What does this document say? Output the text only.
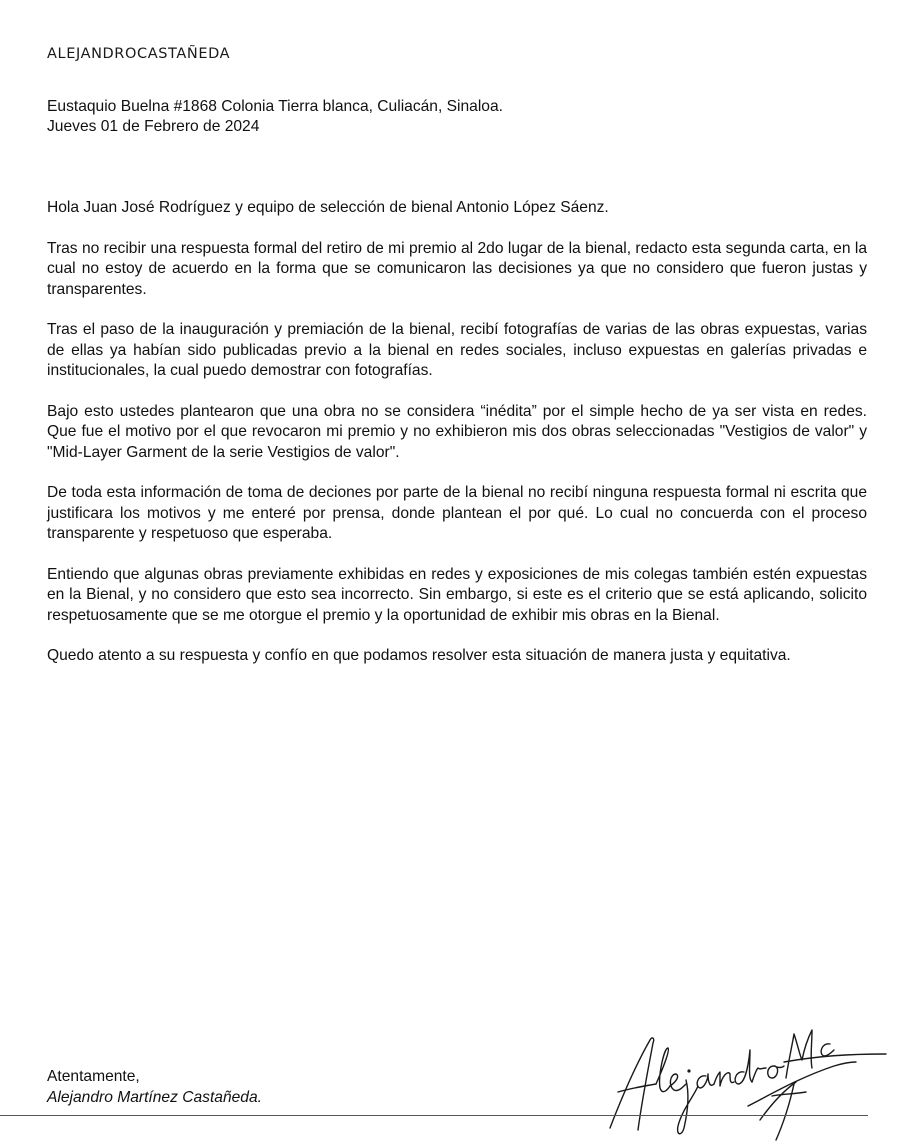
ALEJANDROCASTAÑEDA
Eustaquio Buelna #1868 Colonia Tierra blanca, Culiacán, Sinaloa.
Jueves 01 de Febrero de 2024

Hola Juan José Rodríguez y equipo de selección de bienal Antonio López Sáenz.

Tras no recibir una respuesta formal del retiro de mi premio al 2do lugar de la bienal, redacto esta segunda carta, en la cual no estoy de acuerdo en la forma que se comunicaron las decisiones ya que no considero que fueron justas y transparentes.

Tras el paso de la inauguración y premiación de la bienal, recibí fotografías de varias de las obras expuestas, varias de ellas ya habían sido publicadas previo a la bienal en redes sociales, incluso expuestas en galerías privadas e institucionales, la cual puedo demostrar con fotografías.

Bajo esto ustedes plantearon que una obra no se considera “inédita” por el simple hecho de ya ser vista en redes. Que fue el motivo por el que revocaron mi premio y no exhibieron mis dos obras seleccionadas "Vestigios de valor" y "Mid-Layer Garment de la serie Vestigios de valor".

De toda esta información de toma de deciones por parte de la bienal no recibí ninguna respuesta formal ni escrita que justificara los motivos y me enteré por prensa, donde plantean el por qué. Lo cual no concuerda con el proceso transparente y respetuoso que esperaba.

Entiendo que algunas obras previamente exhibidas en redes y exposiciones de mis colegas también estén expuestas en la Bienal, y no considero que esto sea incorrecto. Sin embargo, si este es el criterio que se está aplicando, solicito respetuosamente que se me otorgue el premio y la oportunidad de exhibir mis obras en la Bienal.

Quedo atento a su respuesta y confío en que podamos resolver esta situación de manera justa y equitativa.

Atentamente,
Alejandro Martínez Castañeda.
